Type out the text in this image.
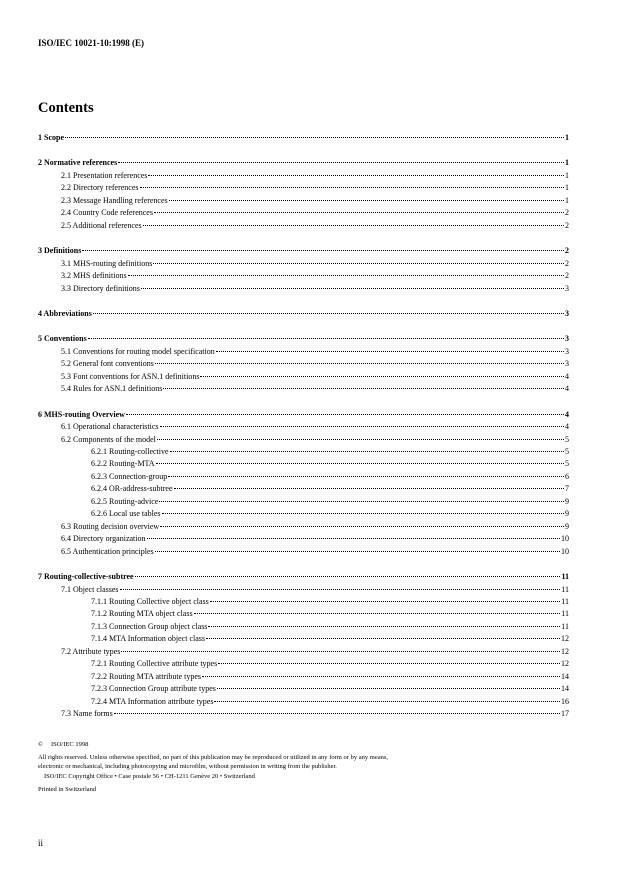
ISO/IEC 10021-10:1998 (E)
Contents
1 Scope	1
2 Normative references	1
2.1 Presentation references	1
2.2 Directory references	1
2.3 Message Handling references	1
2.4 Country Code references	2
2.5 Additional references	2
3 Definitions	2
3.1 MHS-routing definitions	2
3.2 MHS definitions	2
3.3 Directory definitions	3
4 Abbreviations	3
5 Conventions	3
5.1 Conventions for routing model specification	3
5.2 General font conventions	3
5.3 Font conventions for ASN.1 definitions	4
5.4 Rules for ASN.1 definitions	4
6 MHS-routing Overview	4
6.1 Operational characteristics	4
6.2 Components of the model	5
6.2.1 Routing-collective	5
6.2.2 Routing-MTA	5
6.2.3 Connection-group	6
6.2.4 OR-address-subtree	7
6.2.5 Routing-advice	9
6.2.6 Local use tables	9
6.3 Routing decision overview	9
6.4 Directory organization	10
6.5 Authentication principles	10
7 Routing-collective-subtree	11
7.1 Object classes	11
7.1.1 Routing Collective object class	11
7.1.2 Routing MTA object class	11
7.1.3 Connection Group object class	11
7.1.4 MTA Information object class	12
7.2 Attribute types	12
7.2.1 Routing Collective attribute types	12
7.2.2 Routing MTA attribute types	14
7.2.3 Connection Group attribute types	14
7.2.4 MTA Information attribute types	16
7.3 Name forms	17
© ISO/IEC 1998
All rights reserved. Unless otherwise specified, no part of this publication may be reproduced or utilized in any form or by any means, electronic or mechanical, including photocopying and microfilm, without permission in writing from the publisher.
ISO/IEC Copyright Office • Case postale 56 • CH-1211 Genève 20 • Switzerland
Printed in Switzerland
ii
